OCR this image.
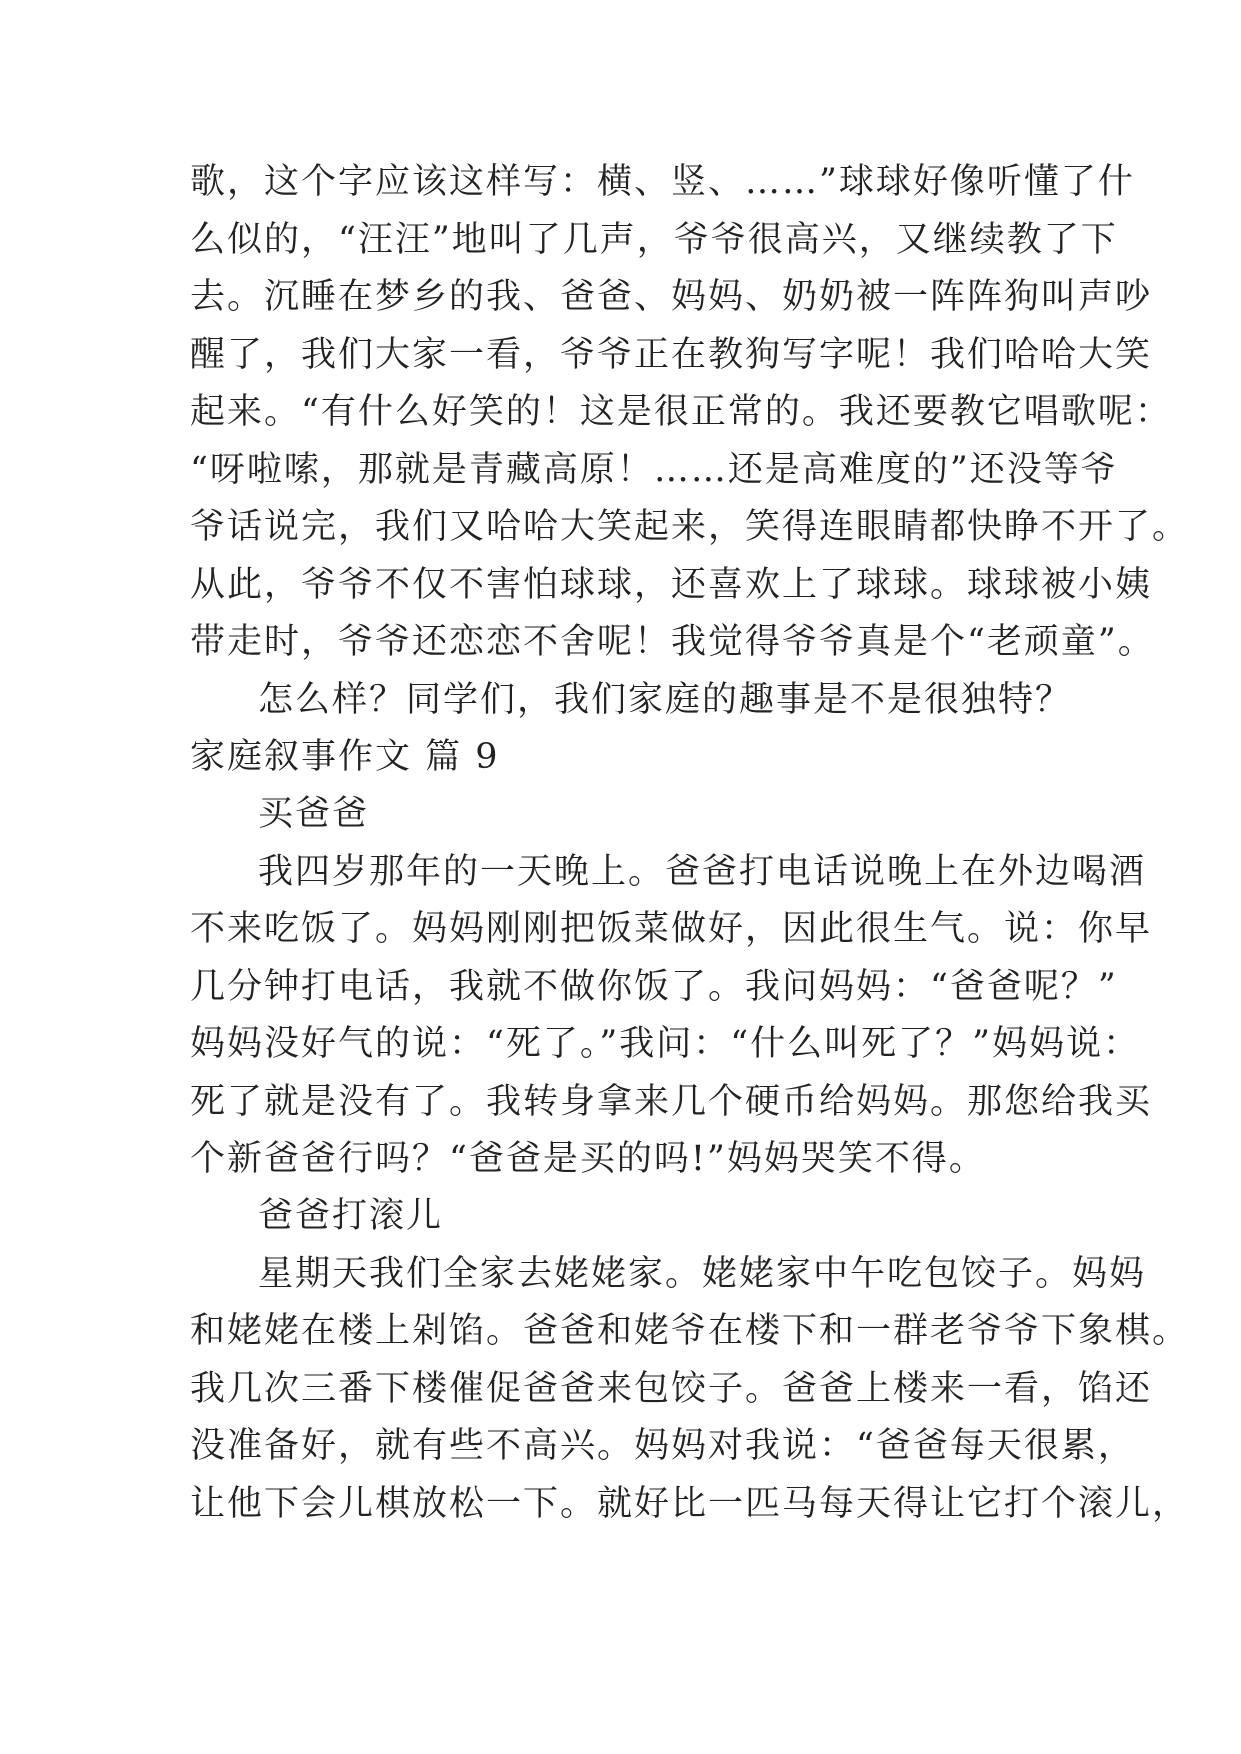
歌，这个字应该这样写：横、竖、……”球球好像听懂了什
么似的，“汪汪”地叫了几声，爷爷很高兴，又继续教了下
去。沉睡在梦乡的我、爸爸、妈妈、奶奶被一阵阵狗叫声吵
醒了，我们大家一看，爷爷正在教狗写字呢！我们哈哈大笑
起来。“有什么好笑的！这是很正常的。我还要教它唱歌呢：
“呀啦嗦，那就是青藏高原！……还是高难度的”还没等爷
爷话说完，我们又哈哈大笑起来，笑得连眼睛都快睁不开了。
从此，爷爷不仅不害怕球球，还喜欢上了球球。球球被小姨
带走时，爷爷还恋恋不舍呢！我觉得爷爷真是个“老顽童”。
怎么样？同学们，我们家庭的趣事是不是很独特？
家庭叙事作文 篇 9
买爸爸
我四岁那年的一天晚上。爸爸打电话说晚上在外边喝酒
不来吃饭了。妈妈刚刚把饭菜做好，因此很生气。说：你早
几分钟打电话，我就不做你饭了。我问妈妈：“爸爸呢？”
妈妈没好气的说：“死了。”我问：“什么叫死了？”妈妈说：
死了就是没有了。我转身拿来几个硬币给妈妈。那您给我买
个新爸爸行吗？“爸爸是买的吗!”妈妈哭笑不得。
爸爸打滚儿
星期天我们全家去姥姥家。姥姥家中午吃包饺子。妈妈
和姥姥在楼上剁馅。爸爸和姥爷在楼下和一群老爷爷下象棋。
我几次三番下楼催促爸爸来包饺子。爸爸上楼来一看，馅还
没准备好，就有些不高兴。妈妈对我说：“爸爸每天很累，
让他下会儿棋放松一下。就好比一匹马每天得让它打个滚儿，
